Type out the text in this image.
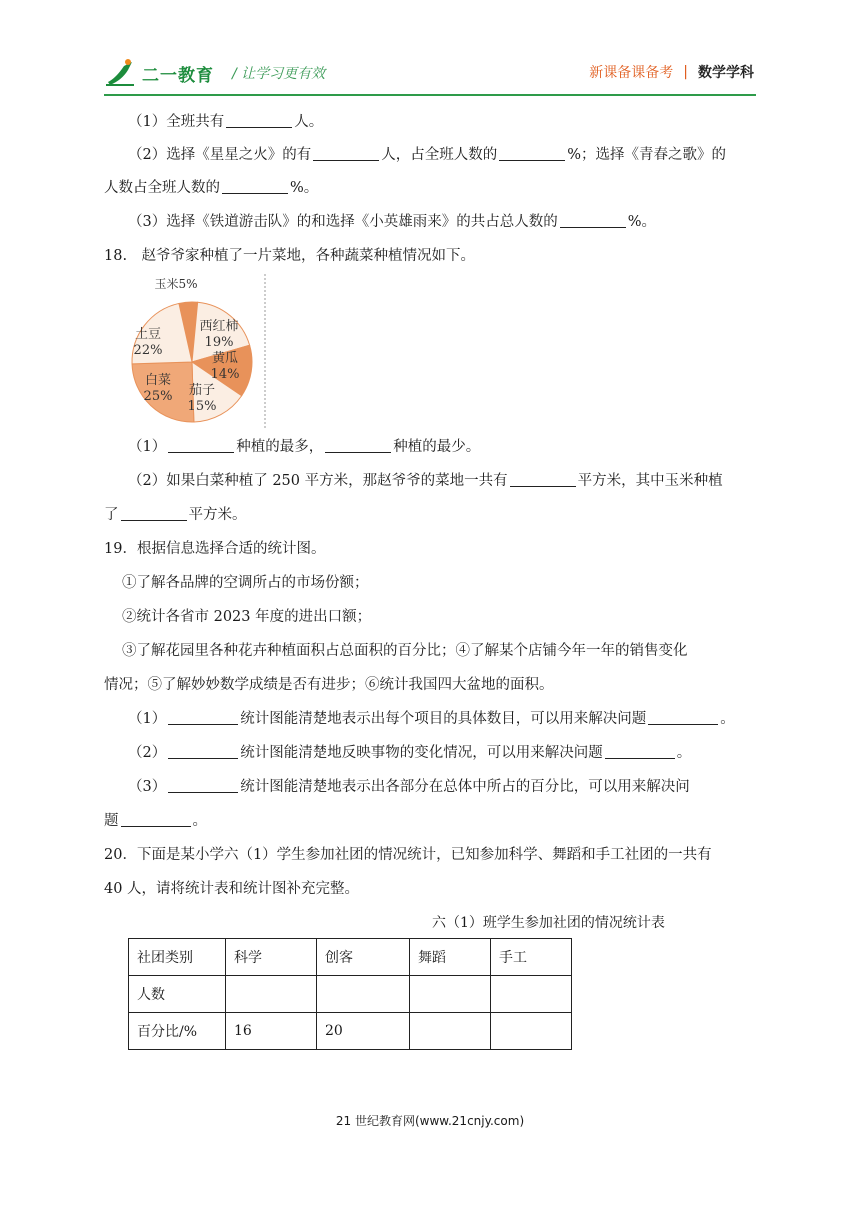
二一教育 / 让学习更有效	新课备课备考 | 数学学科
（1）全班共有	人。
（2）选择《星星之火》的有	人，占全班人数的	%；选择《青春之歌》的
人数占全班人数的	%。
（3）选择《铁道游击队》的和选择《小英雄雨来》的共占总人数的	%。
18.　赵爷爷家种植了一片菜地，各种蔬菜种植情况如下。
玉米5%
西红柿
19%
黄瓜
14%
茄子
15%
白菜
25%
土豆
22%
（1）	种植的最多，	种植的最少。
（2）如果白菜种植了 250 平方米，那赵爷爷的菜地一共有	平方米，其中玉米种植
了	平方米。
19．根据信息选择合适的统计图。
①了解各品牌的空调所占的市场份额；
②统计各省市 2023 年度的进出口额；
③了解花园里各种花卉种植面积占总面积的百分比；④了解某个店铺今年一年的销售变化
情况；⑤了解妙妙数学成绩是否有进步；⑥统计我国四大盆地的面积。
（1）	统计图能清楚地表示出每个项目的具体数目，可以用来解决问题	。
（2）	统计图能清楚地反映事物的变化情况，可以用来解决问题	。
（3）	统计图能清楚地表示出各部分在总体中所占的百分比，可以用来解决问
题	。
20．下面是某小学六（1）学生参加社团的情况统计，已知参加科学、舞蹈和手工社团的一共有
40 人，请将统计表和统计图补充完整。
六（1）班学生参加社团的情况统计表
社团类别	科学	创客	舞蹈	手工
人数				
百分比/%	16	20		
21 世纪教育网(www.21cnjy.com)
